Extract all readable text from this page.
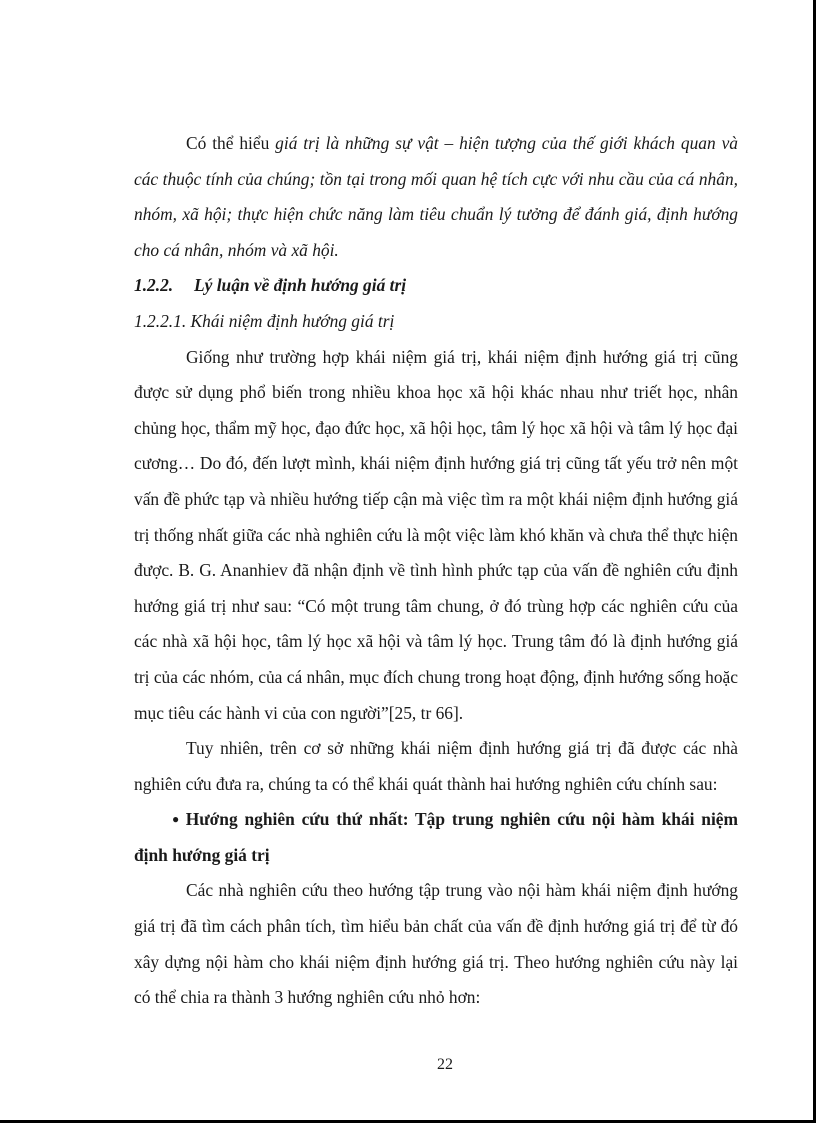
Có thể hiểu giá trị là những sự vật – hiện tượng của thế giới khách quan và các thuộc tính của chúng; tồn tại trong mối quan hệ tích cực với nhu cầu của cá nhân, nhóm, xã hội; thực hiện chức năng làm tiêu chuẩn lý tưởng để đánh giá, định hướng cho cá nhân, nhóm và xã hội.

1.2.2. Lý luận về định hướng giá trị

1.2.2.1. Khái niệm định hướng giá trị

Giống như trường hợp khái niệm giá trị, khái niệm định hướng giá trị cũng được sử dụng phổ biến trong nhiều khoa học xã hội khác nhau như triết học, nhân chủng học, thẩm mỹ học, đạo đức học, xã hội học, tâm lý học xã hội và tâm lý học đại cương… Do đó, đến lượt mình, khái niệm định hướng giá trị cũng tất yếu trở nên một vấn đề phức tạp và nhiều hướng tiếp cận mà việc tìm ra một khái niệm định hướng giá trị thống nhất giữa các nhà nghiên cứu là một việc làm khó khăn và chưa thể thực hiện được. B. G. Ananhiev đã nhận định về tình hình phức tạp của vấn đề nghiên cứu định hướng giá trị như sau: “Có một trung tâm chung, ở đó trùng hợp các nghiên cứu của các nhà xã hội học, tâm lý học xã hội và tâm lý học. Trung tâm đó là định hướng giá trị của các nhóm, của cá nhân, mục đích chung trong hoạt động, định hướng sống hoặc mục tiêu các hành vi của con người”[25, tr 66].

Tuy nhiên, trên cơ sở những khái niệm định hướng giá trị đã được các nhà nghiên cứu đưa ra, chúng ta có thể khái quát thành hai hướng nghiên cứu chính sau:

● Hướng nghiên cứu thứ nhất: Tập trung nghiên cứu nội hàm khái niệm định hướng giá trị

Các nhà nghiên cứu theo hướng tập trung vào nội hàm khái niệm định hướng giá trị đã tìm cách phân tích, tìm hiểu bản chất của vấn đề định hướng giá trị để từ đó xây dựng nội hàm cho khái niệm định hướng giá trị. Theo hướng nghiên cứu này lại có thể chia ra thành 3 hướng nghiên cứu nhỏ hơn:

22
